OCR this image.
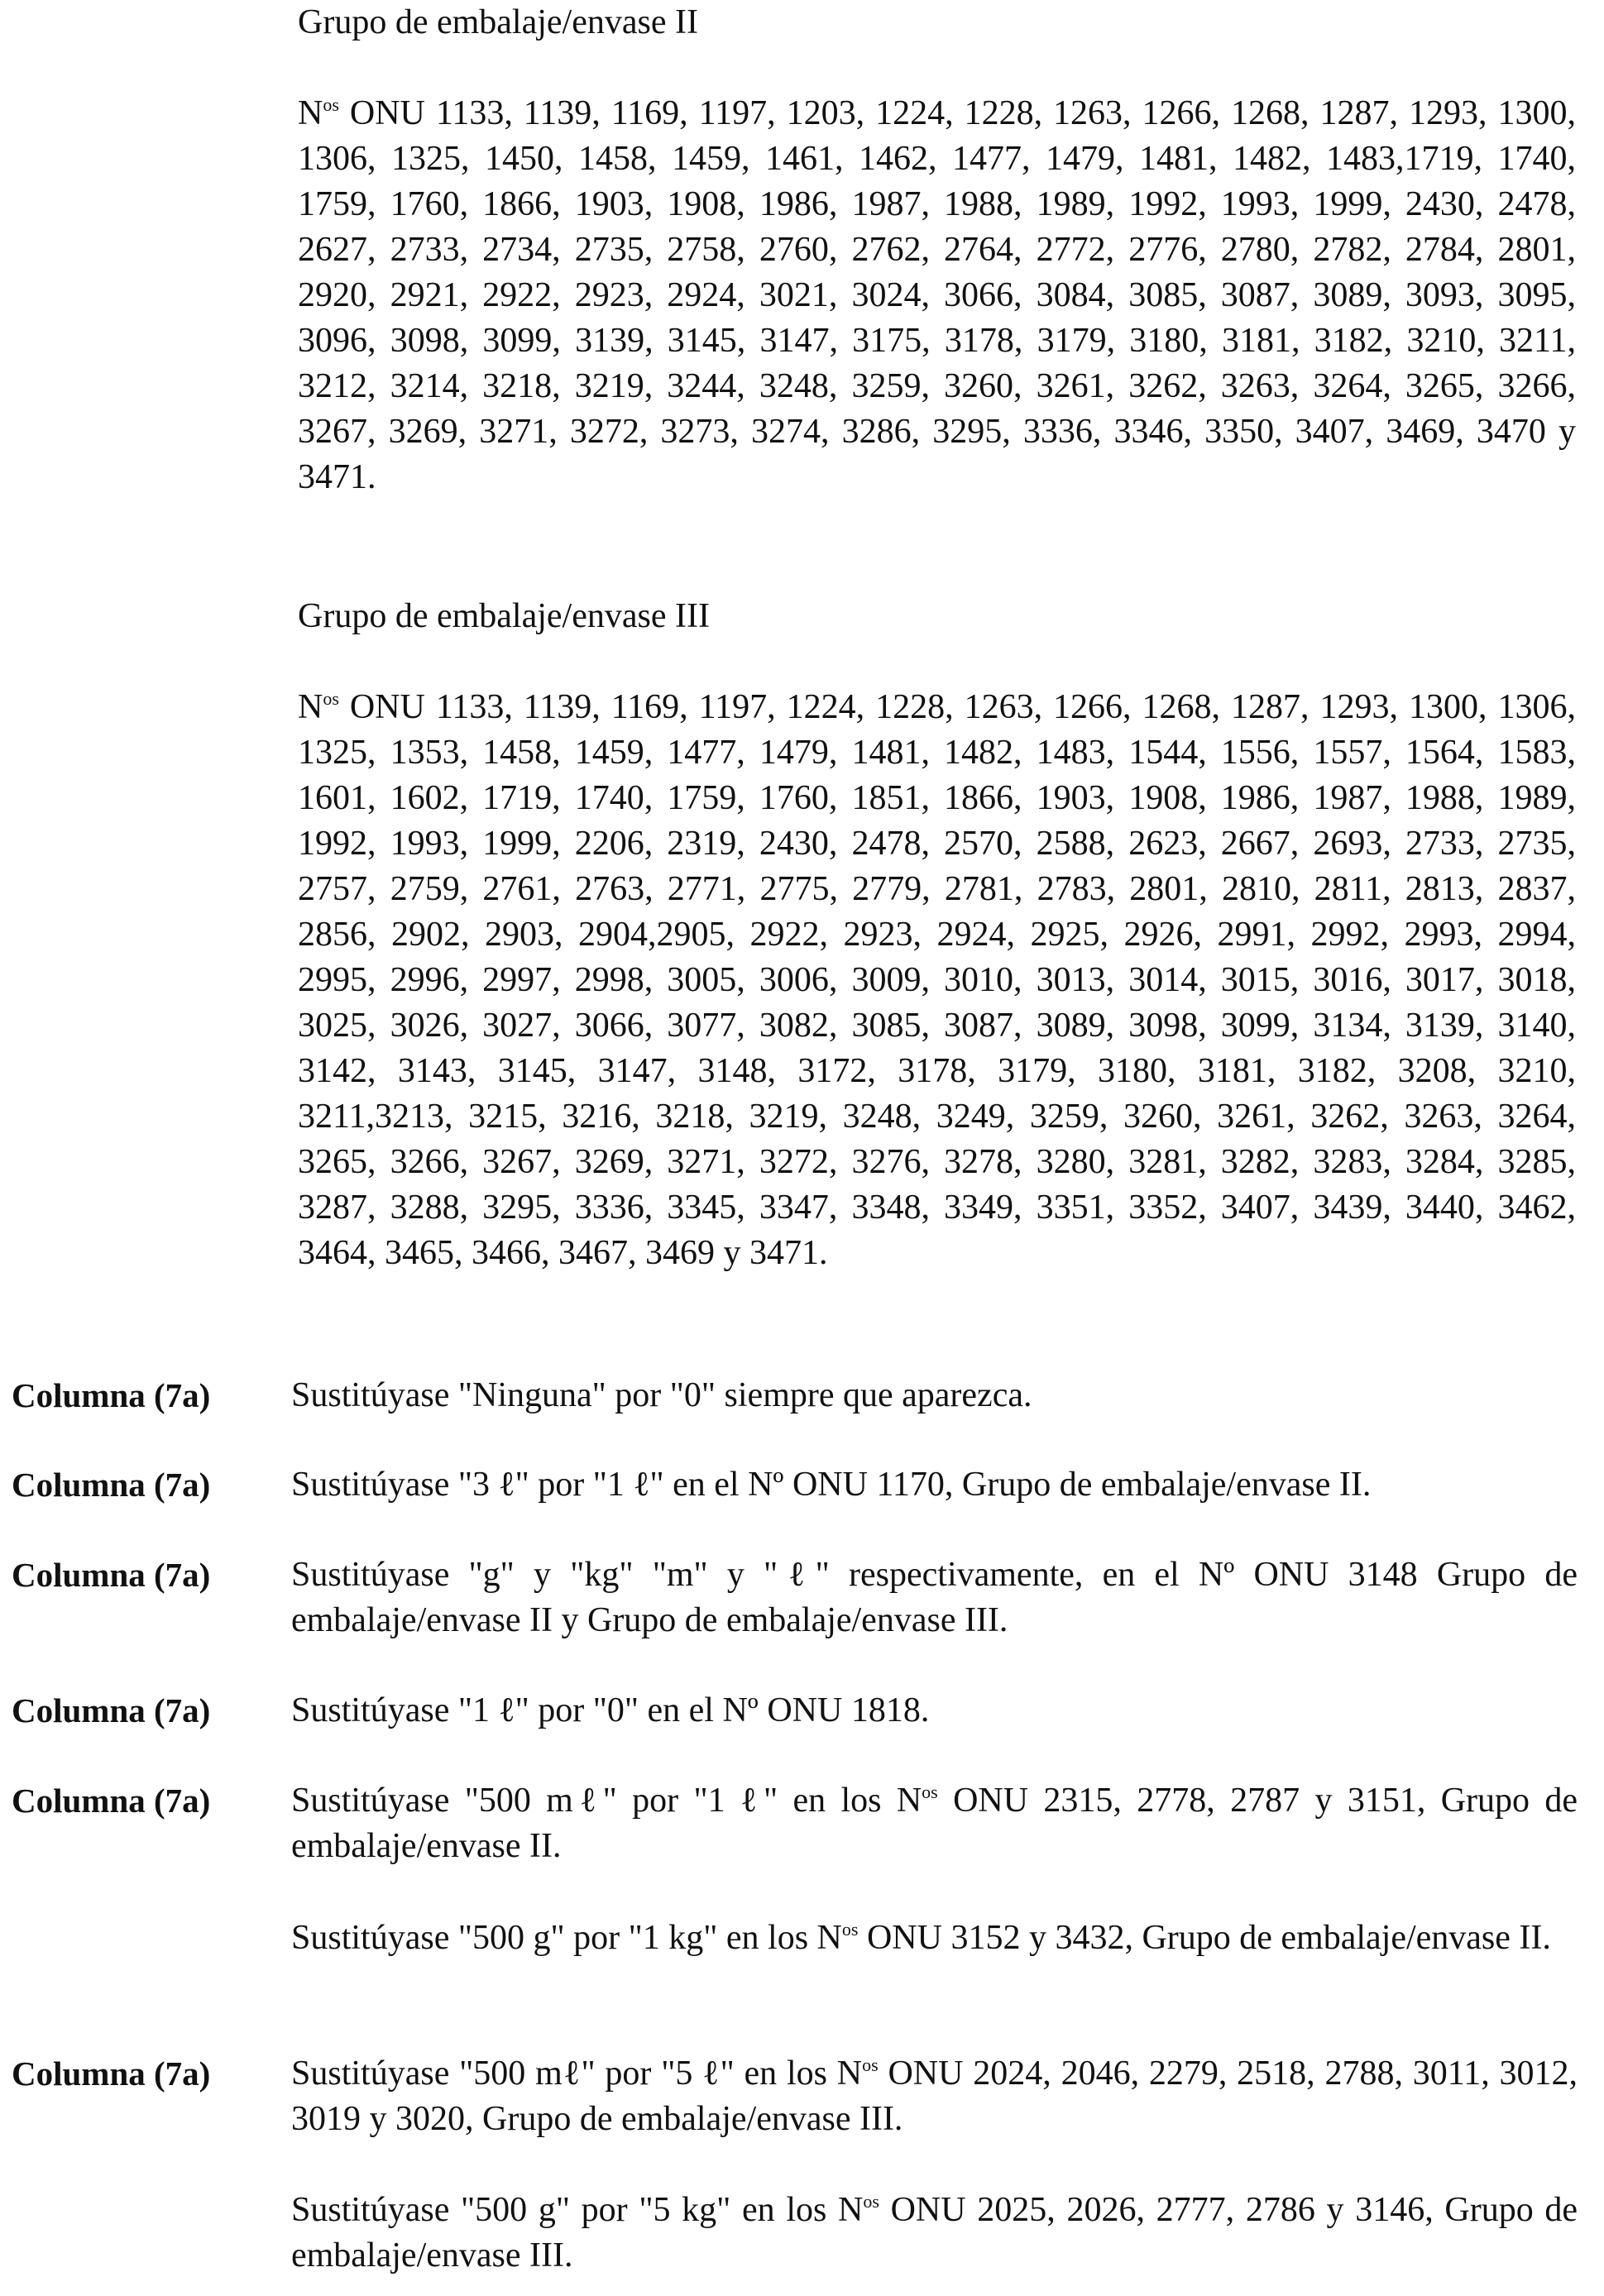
Grupo de embalaje/envase II
$N^{os}$ ONU 1133, 1139, 1169, 1197, 1203, 1224, 1228, 1263, 1266, 1268, 1287, 1293, 1300, 1306, 1325, 1450, 1458, 1459, 1461, 1462, 1477, 1479, 1481, 1482, 1483,1719, 1740, 1759, 1760, 1866, 1903, 1908, 1986, 1987, 1988, 1989, 1992, 1993, 1999, 2430, 2478, 2627, 2733, 2734, 2735, 2758, 2760, 2762, 2764, 2772, 2776, 2780, 2782, 2784, 2801, 2920, 2921, 2922, 2923, 2924, 3021, 3024, 3066, 3084, 3085, 3087, 3089, 3093, 3095, 3096, 3098, 3099, 3139, 3145, 3147, 3175, 3178, 3179, 3180, 3181, 3182, 3210, 3211, 3212, 3214, 3218, 3219, 3244, 3248, 3259, 3260, 3261, 3262, 3263, 3264, 3265, 3266, 3267, 3269, 3271, 3272, 3273, 3274, 3286, 3295, 3336, 3346, 3350, 3407, 3469, 3470 y 3471.
Grupo de embalaje/envase III
$N^{os}$ ONU 1133, 1139, 1169, 1197, 1224, 1228, 1263, 1266, 1268, 1287, 1293, 1300, 1306, 1325, 1353, 1458, 1459, 1477, 1479, 1481, 1482, 1483, 1544, 1556, 1557, 1564, 1583, 1601, 1602, 1719, 1740, 1759, 1760, 1851, 1866, 1903, 1908, 1986, 1987, 1988, 1989, 1992, 1993, 1999, 2206, 2319, 2430, 2478, 2570, 2588, 2623, 2667, 2693, 2733, 2735, 2757, 2759, 2761, 2763, 2771, 2775, 2779, 2781, 2783, 2801, 2810, 2811, 2813, 2837, 2856, 2902, 2903, 2904,2905, 2922, 2923, 2924, 2925, 2926, 2991, 2992, 2993, 2994, 2995, 2996, 2997, 2998, 3005, 3006, 3009, 3010, 3013, 3014, 3015, 3016, 3017, 3018, 3025, 3026, 3027, 3066, 3077, 3082, 3085, 3087, 3089, 3098, 3099, 3134, 3139, 3140, 3142, 3143, 3145, 3147, 3148, 3172, 3178, 3179, 3180, 3181, 3182, 3208, 3210, 3211,3213, 3215, 3216, 3218, 3219, 3248, 3249, 3259, 3260, 3261, 3262, 3263, 3264, 3265, 3266, 3267, 3269, 3271, 3272, 3276, 3278, 3280, 3281, 3282, 3283, 3284, 3285, 3287, 3288, 3295, 3336, 3345, 3347, 3348, 3349, 3351, 3352, 3407, 3439, 3440, 3462, 3464, 3465, 3466, 3467, 3469 y 3471.
Columna (7a) Sustitúyase "Ninguna" por "0" siempre que aparezca.
Columna (7a) Sustitúyase "3 ℓ" por "1 ℓ" en el Nº ONU 1170, Grupo de embalaje/envase II.
Columna (7a) Sustitúyase "g" y "kg" "m" y "ℓ" respectivamente, en el Nº ONU 3148 Grupo de embalaje/envase II y Grupo de embalaje/envase III.
Columna (7a) Sustitúyase "1 ℓ" por "0" en el Nº ONU 1818.
Columna (7a) Sustitúyase "500 mℓ" por "1 ℓ" en los $N^{os}$ ONU 2315, 2778, 2787 y 3151, Grupo de embalaje/envase II.
Sustitúyase "500 g" por "1 kg" en los $N^{os}$ ONU 3152 y 3432, Grupo de embalaje/envase II.
Columna (7a) Sustitúyase "500 mℓ" por "5 ℓ" en los $N^{os}$ ONU 2024, 2046, 2279, 2518, 2788, 3011, 3012, 3019 y 3020, Grupo de embalaje/envase III.
Sustitúyase "500 g" por "5 kg" en los $N^{os}$ ONU 2025, 2026, 2777, 2786 y 3146, Grupo de embalaje/envase III.
